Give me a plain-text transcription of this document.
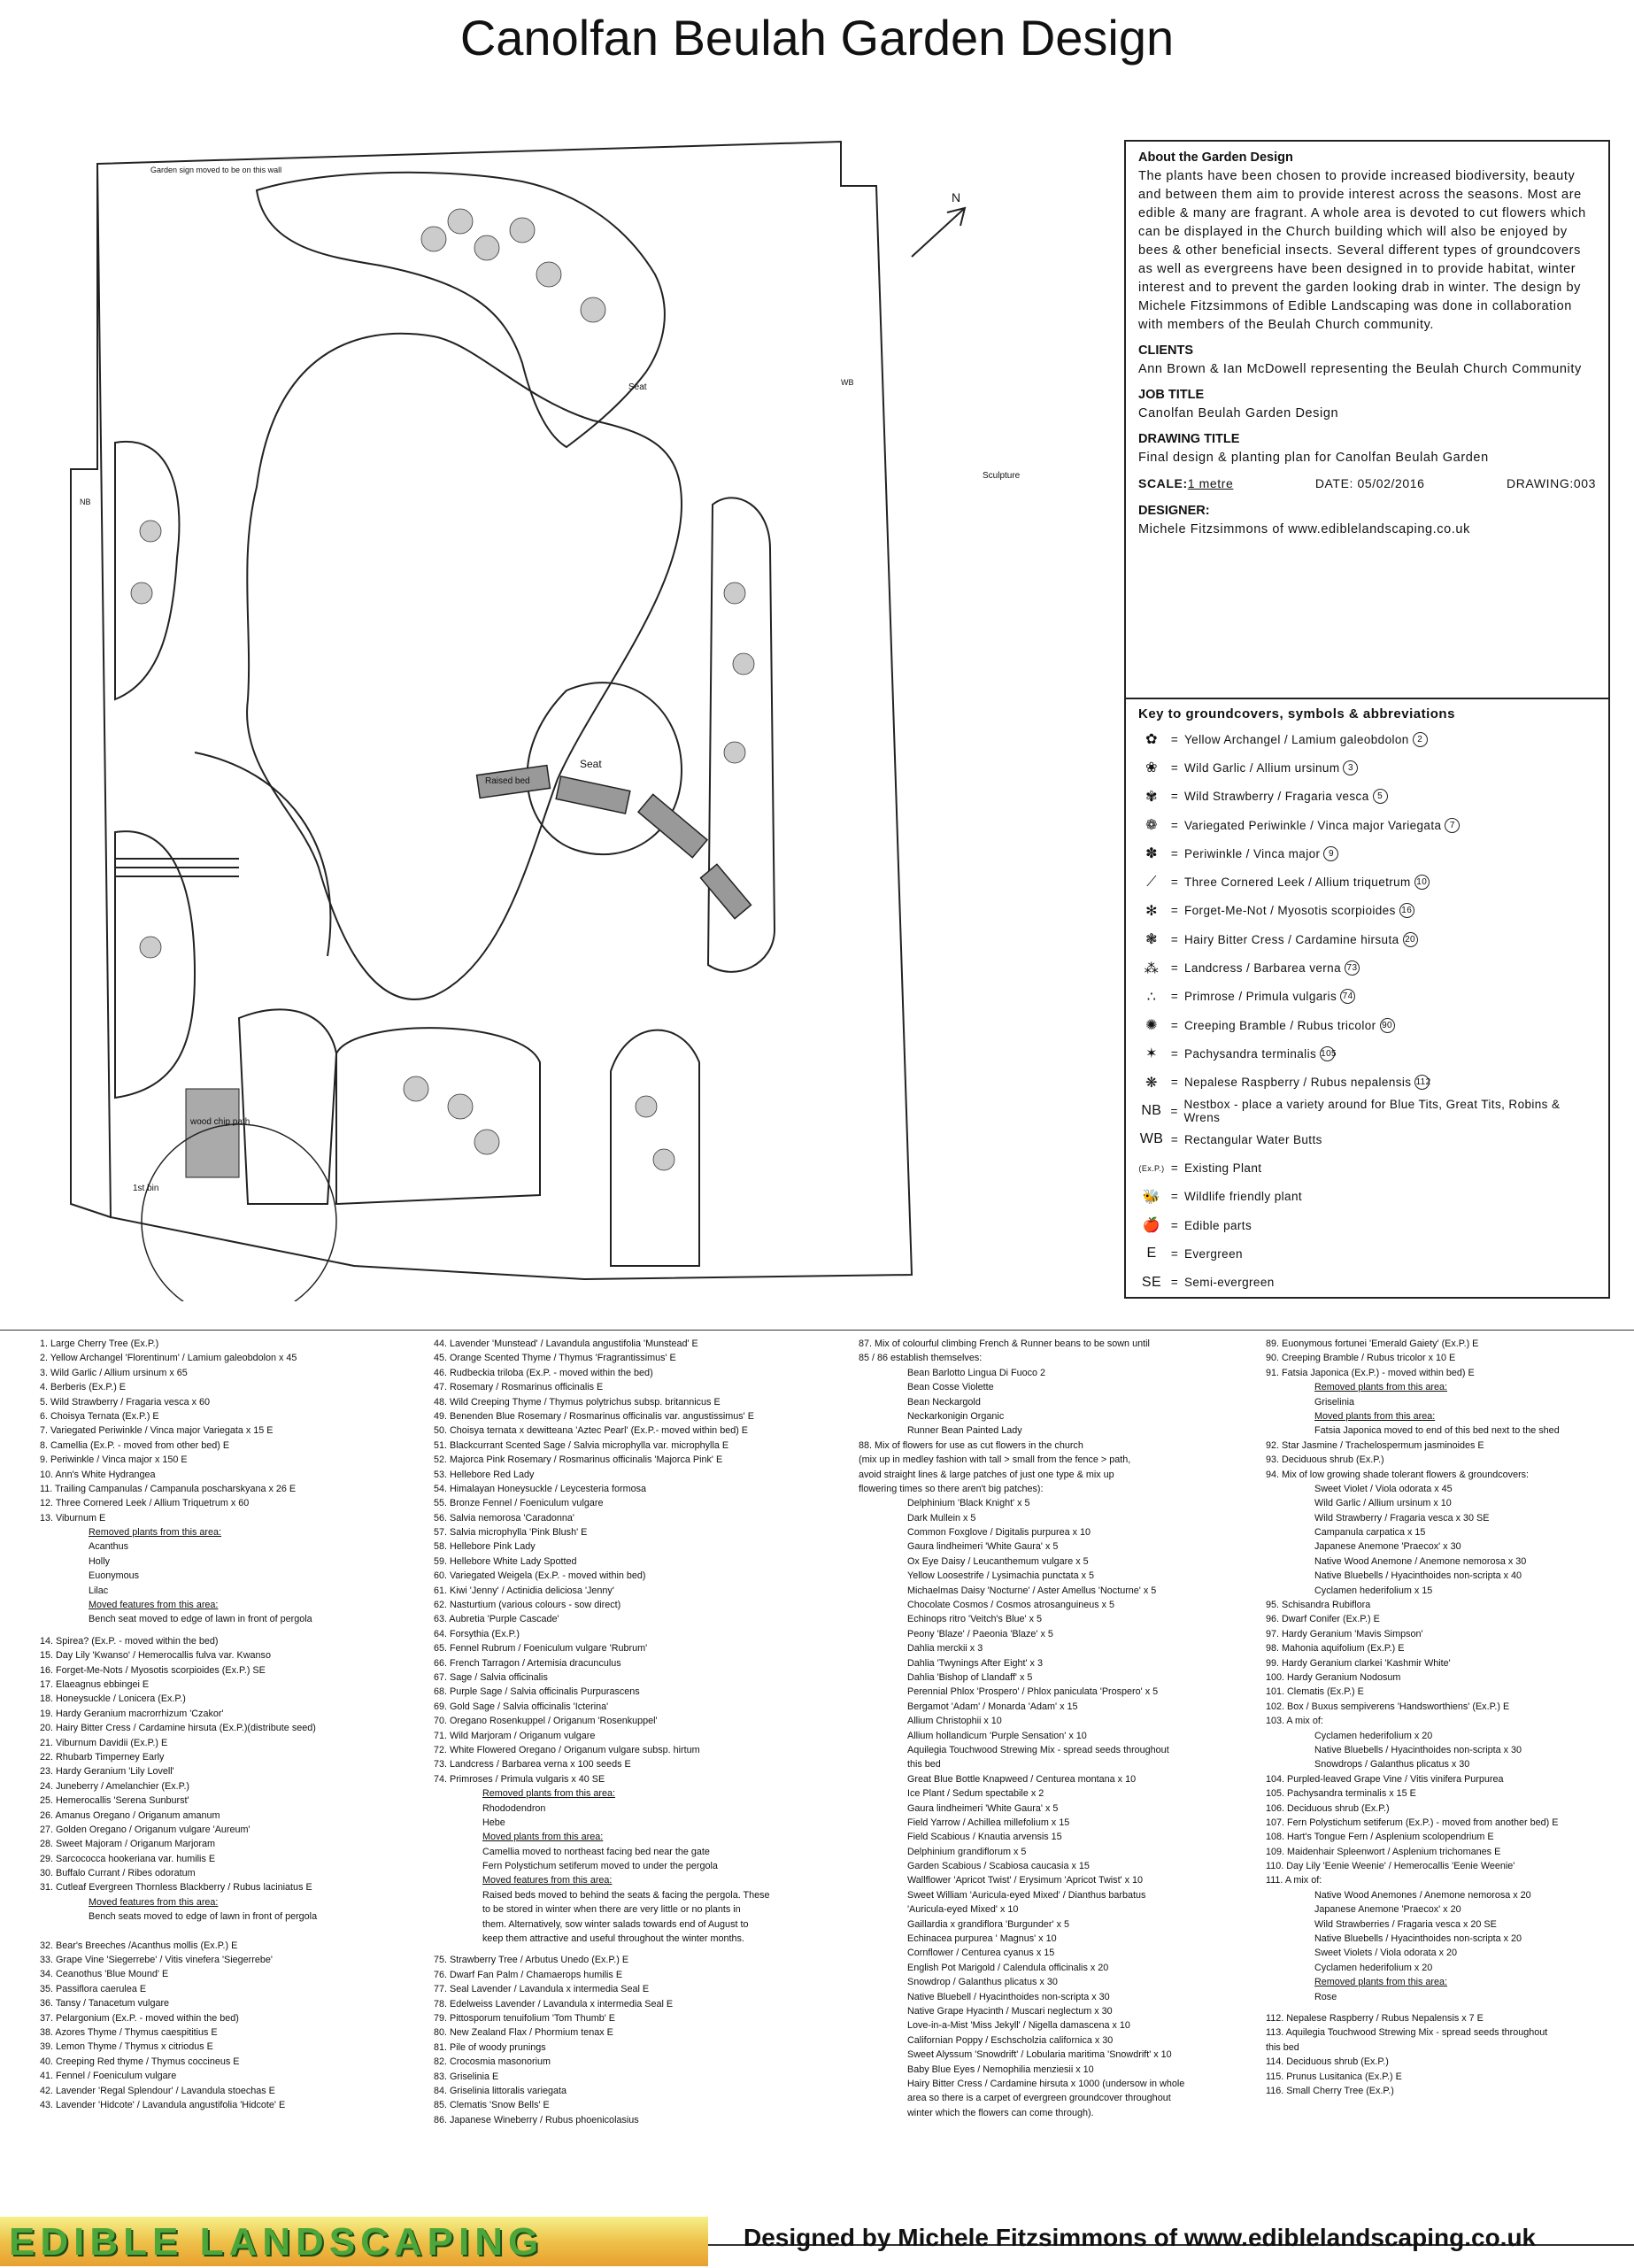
Canolfan Beulah Garden Design
N
Seat
Raised bed
Seat
Sculpture
1st bin
wood chip path
Garden sign moved to be on this wall
NB
WB
About the Garden Design

The plants have been chosen to provide increased biodiversity, beauty and between them aim to provide interest across the seasons. Most are edible & many are fragrant. A whole area is devoted to cut flowers which can be displayed in the Church building which will also be enjoyed by bees & other beneficial insects. Several different types of groundcovers as well as evergreens have been designed in to provide habitat, winter interest and to prevent the garden looking drab in winter. The design by Michele Fitzsimmons of Edible Landscaping was done in collaboration with members of the Beulah Church community.

CLIENTS

Ann Brown & Ian McDowell representing the Beulah Church Community

JOB TITLE

Canolfan Beulah Garden Design

DRAWING TITLE

Final design & planting plan for Canolfan Beulah Garden

SCALE:1 metre	DATE: 05/02/2016	DRAWING:003
DESIGNER:

Michele Fitzsimmons of www.ediblelandscaping.co.uk

Key to groundcovers, symbols & abbreviations
✿	= Yellow Archangel / Lamium galeobdolon 2
❀	= Wild Garlic / Allium ursinum 3
✾	= Wild Strawberry / Fragaria vesca 5
❁	= Variegated Periwinkle / Vinca major Variegata 7
✽	= Periwinkle / Vinca major 9
⟋	= Three Cornered Leek / Allium triquetrum 10
✻	= Forget-Me-Not / Myosotis scorpioides 16
❃	= Hairy Bitter Cress / Cardamine hirsuta 20
⁂	= Landcress / Barbarea verna 73
∴	= Primrose / Primula vulgaris 74
✺	= Creeping Bramble / Rubus tricolor 90
✶	= Pachysandra terminalis 105
❋	= Nepalese Raspberry / Rubus nepalensis 112
NB = Nestbox - place a variety around for Blue Tits, Great Tits, Robins & Wrens
WB = Rectangular Water Butts
(Ex.P.) = Existing Plant
🐝 = Wildlife friendly plant
🍎 = Edible parts
E	= Evergreen
SE = Semi-evergreen
1. Large Cherry Tree (Ex.P.)
2. Yellow Archangel 'Florentinum' / Lamium galeobdolon x 45
3. Wild Garlic / Allium ursinum x 65
4. Berberis (Ex.P.) E
5. Wild Strawberry / Fragaria vesca x 60
6. Choisya Ternata (Ex.P.) E
7. Variegated Periwinkle / Vinca major Variegata x 15 E
8. Camellia (Ex.P. - moved from other bed) E
9. Periwinkle / Vinca major x 150 E
10. Ann's White Hydrangea
11. Trailing Campanulas / Campanula poscharskyana x 26 E
12. Three Cornered Leek / Allium Triquetrum x 60
13. Viburnum E
Removed plants from this area:
Acanthus
Holly
Euonymous
Lilac
Moved features from this area:
Bench seat moved to edge of lawn in front of pergola
14. Spirea? (Ex.P. - moved within the bed)
15. Day Lily 'Kwanso' / Hemerocallis fulva var. Kwanso
16. Forget-Me-Nots / Myosotis scorpioides (Ex.P.) SE
17. Elaeagnus ebbingei E
18. Honeysuckle / Lonicera (Ex.P.)
19. Hardy Geranium macrorrhizum 'Czakor'
20. Hairy Bitter Cress / Cardamine hirsuta (Ex.P.)(distribute seed)
21. Viburnum Davidii (Ex.P.) E
22. Rhubarb Timperney Early
23. Hardy Geranium 'Lily Lovell'
24. Juneberry / Amelanchier (Ex.P.)
25. Hemerocallis 'Serena Sunburst'
26. Amanus Oregano / Origanum amanum
27. Golden Oregano / Origanum vulgare 'Aureum'
28. Sweet Majoram / Origanum Marjoram
29. Sarcococca hookeriana var. humilis E
30. Buffalo Currant / Ribes odoratum
31. Cutleaf Evergreen Thornless Blackberry / Rubus laciniatus E
Moved features from this area:
Bench seats moved to edge of lawn in front of pergola
32. Bear's Breeches /Acanthus mollis (Ex.P.) E
33. Grape Vine 'Siegerrebe' / Vitis vinefera 'Siegerrebe'
34. Ceanothus 'Blue Mound' E
35. Passiflora caerulea E
36. Tansy / Tanacetum vulgare
37. Pelargonium (Ex.P. - moved within the bed)
38. Azores Thyme / Thymus caespititius E
39. Lemon Thyme / Thymus x citriodus E
40. Creeping Red thyme / Thymus coccineus E
41. Fennel / Foeniculum vulgare
42. Lavender 'Regal Splendour' / Lavandula stoechas E
43. Lavender 'Hidcote' / Lavandula angustifolia 'Hidcote' E
44. Lavender 'Munstead' / Lavandula angustifolia 'Munstead' E
45. Orange Scented Thyme / Thymus 'Fragrantissimus' E
46. Rudbeckia triloba (Ex.P. - moved within the bed)
47. Rosemary / Rosmarinus officinalis E
48. Wild Creeping Thyme / Thymus polytrichus subsp. britannicus E
49. Benenden Blue Rosemary / Rosmarinus officinalis var. angustissimus' E
50. Choisya ternata x dewitteana 'Aztec Pearl' (Ex.P.- moved within bed) E
51. Blackcurrant Scented Sage / Salvia microphylla var. microphylla E
52. Majorca Pink Rosemary / Rosmarinus officinalis 'Majorca Pink' E
53. Hellebore Red Lady
54. Himalayan Honeysuckle / Leycesteria formosa
55. Bronze Fennel / Foeniculum vulgare
56. Salvia nemorosa 'Caradonna'
57. Salvia microphylla 'Pink Blush' E
58. Hellebore Pink Lady
59. Hellebore White Lady Spotted
60. Variegated Weigela (Ex.P. - moved within bed)
61. Kiwi 'Jenny' / Actinidia deliciosa 'Jenny'
62. Nasturtium (various colours - sow direct)
63. Aubretia 'Purple Cascade'
64. Forsythia (Ex.P.)
65. Fennel Rubrum / Foeniculum vulgare 'Rubrum'
66. French Tarragon / Artemisia dracunculus
67. Sage / Salvia officinalis
68. Purple Sage / Salvia officinalis Purpurascens
69. Gold Sage / Salvia officinalis 'Icterina'
70. Oregano Rosenkuppel / Origanum 'Rosenkuppel'
71. Wild Marjoram / Origanum vulgare
72. White Flowered Oregano / Origanum vulgare subsp. hirtum
73. Landcress / Barbarea verna x 100 seeds E
74. Primroses / Primula vulgaris x 40 SE
Removed plants from this area:
Rhododendron
Hebe
Moved plants from this area:
Camellia moved to northeast facing bed near the gate
Fern Polystichum setiferum moved to under the pergola
Moved features from this area:
Raised beds moved to behind the seats & facing the pergola. These
to be stored in winter when there are very little or no plants in
them. Alternatively, sow winter salads towards end of August to
keep them attractive and useful throughout the winter months.
75. Strawberry Tree / Arbutus Unedo (Ex.P.) E
76. Dwarf Fan Palm / Chamaerops humilis E
77. Seal Lavender / Lavandula x intermedia Seal E
78. Edelweiss Lavender / Lavandula x intermedia Seal E
79. Pittosporum tenuifolium 'Tom Thumb' E
80. New Zealand Flax / Phormium tenax E
81. Pile of woody prunings
82. Crocosmia masonorium
83. Griselinia E
84. Griselinia littoralis variegata
85. Clematis 'Snow Bells' E
86. Japanese Wineberry / Rubus phoenicolasius
87. Mix of colourful climbing French & Runner beans to be sown until
85 / 86 establish themselves:
Bean Barlotto Lingua Di Fuoco 2
Bean Cosse Violette
Bean Neckargold
Neckarkonigin Organic
Runner Bean Painted Lady
88. Mix of flowers for use as cut flowers in the church
(mix up in medley fashion with tall > small from the fence > path,
avoid straight lines & large patches of just one type & mix up
flowering times so there aren't big patches):
Delphinium 'Black Knight' x 5
Dark Mullein x 5
Common Foxglove / Digitalis purpurea x 10
Gaura lindheimeri 'White Gaura' x 5
Ox Eye Daisy / Leucanthemum vulgare x 5
Yellow Loosestrife / Lysimachia punctata x 5
Michaelmas Daisy 'Nocturne' / Aster Amellus 'Nocturne' x 5
Chocolate Cosmos / Cosmos atrosanguineus x 5
Echinops ritro 'Veitch's Blue' x 5
Peony 'Blaze' / Paeonia 'Blaze' x 5
Dahlia merckii x 3
Dahlia 'Twynings After Eight' x 3
Dahlia 'Bishop of Llandaff' x 5
Perennial Phlox 'Prospero' / Phlox paniculata 'Prospero' x 5
Bergamot 'Adam' / Monarda 'Adam' x 15
Allium Christophii x 10
Allium hollandicum 'Purple Sensation' x 10
Aquilegia Touchwood Strewing Mix - spread seeds throughout
this bed
Great Blue Bottle Knapweed / Centurea montana x 10
Ice Plant / Sedum spectabile x 2
Gaura lindheimeri 'White Gaura' x 5
Field Yarrow / Achillea millefolium x 15
Field Scabious / Knautia arvensis 15
Delphinium grandiflorum x 5
Garden Scabious / Scabiosa caucasia x 15
Wallflower 'Apricot Twist' / Erysimum 'Apricot Twist' x 10
Sweet William 'Auricula-eyed Mixed' / Dianthus barbatus
'Auricula-eyed Mixed' x 10
Gaillardia x grandiflora 'Burgunder' x 5
Echinacea purpurea ' Magnus' x 10
Cornflower / Centurea cyanus x 15
English Pot Marigold / Calendula officinalis x 20
Snowdrop / Galanthus plicatus x 30
Native Bluebell / Hyacinthoides non-scripta x 30
Native Grape Hyacinth / Muscari neglectum x 30
Love-in-a-Mist 'Miss Jekyll' / Nigella damascena x 10
Californian Poppy / Eschscholzia californica x 30
Sweet Alyssum 'Snowdrift' / Lobularia maritima 'Snowdrift' x 10
Baby Blue Eyes / Nemophilia menziesii x 10
Hairy Bitter Cress / Cardamine hirsuta x 1000 (undersow in whole
area so there is a carpet of evergreen groundcover throughout
winter which the flowers can come through).
89. Euonymous fortunei 'Emerald Gaiety' (Ex.P.) E
90. Creeping Bramble / Rubus tricolor x 10 E
91. Fatsia Japonica (Ex.P.) - moved within bed) E
Removed plants from this area:
Griselinia
Moved plants from this area:
Fatsia Japonica moved to end of this bed next to the shed
92. Star Jasmine / Trachelospermum jasminoides E
93. Deciduous shrub (Ex.P.)
94. Mix of low growing shade tolerant flowers & groundcovers:
Sweet Violet / Viola odorata x 45
Wild Garlic / Allium ursinum x 10
Wild Strawberry / Fragaria vesca x 30 SE
Campanula carpatica x 15
Japanese Anemone 'Praecox' x 30
Native Wood Anemone / Anemone nemorosa x 30
Native Bluebells / Hyacinthoides non-scripta x 40
Cyclamen hederifolium x 15
95. Schisandra Rubiflora
96. Dwarf Conifer (Ex.P.) E
97. Hardy Geranium 'Mavis Simpson'
98. Mahonia aquifolium (Ex.P.) E
99. Hardy Geranium clarkei 'Kashmir White'
100. Hardy Geranium Nodosum
101. Clematis (Ex.P.) E
102. Box / Buxus sempiverens 'Handsworthiens' (Ex.P.) E
103. A mix of:
Cyclamen hederifolium x 20
Native Bluebells / Hyacinthoides non-scripta x 30
Snowdrops / Galanthus plicatus x 30
104. Purpled-leaved Grape Vine / Vitis vinifera Purpurea
105. Pachysandra terminalis x 15 E
106. Deciduous shrub (Ex.P.)
107. Fern Polystichum setiferum (Ex.P.) - moved from another bed) E
108. Hart's Tongue Fern / Asplenium scolopendrium E
109. Maidenhair Spleenwort / Asplenium trichomanes E
110. Day Lily 'Eenie Weenie' / Hemerocallis 'Eenie Weenie'
111. A mix of:
Native Wood Anemones / Anemone nemorosa x 20
Japanese Anemone 'Praecox' x 20
Wild Strawberries / Fragaria vesca x 20 SE
Native Bluebells / Hyacinthoides non-scripta x 20
Sweet Violets / Viola odorata x 20
Cyclamen hederifolium x 20
Removed plants from this area:
Rose
112. Nepalese Raspberry / Rubus Nepalensis x 7 E
113. Aquilegia Touchwood Strewing Mix - spread seeds throughout
this bed
114. Deciduous shrub (Ex.P.)
115. Prunus Lusitanica (Ex.P.) E
116. Small Cherry Tree (Ex.P.)
EDIBLE LANDSCAPING	Designed by Michele Fitzsimmons of www.ediblelandscaping.co.uk
